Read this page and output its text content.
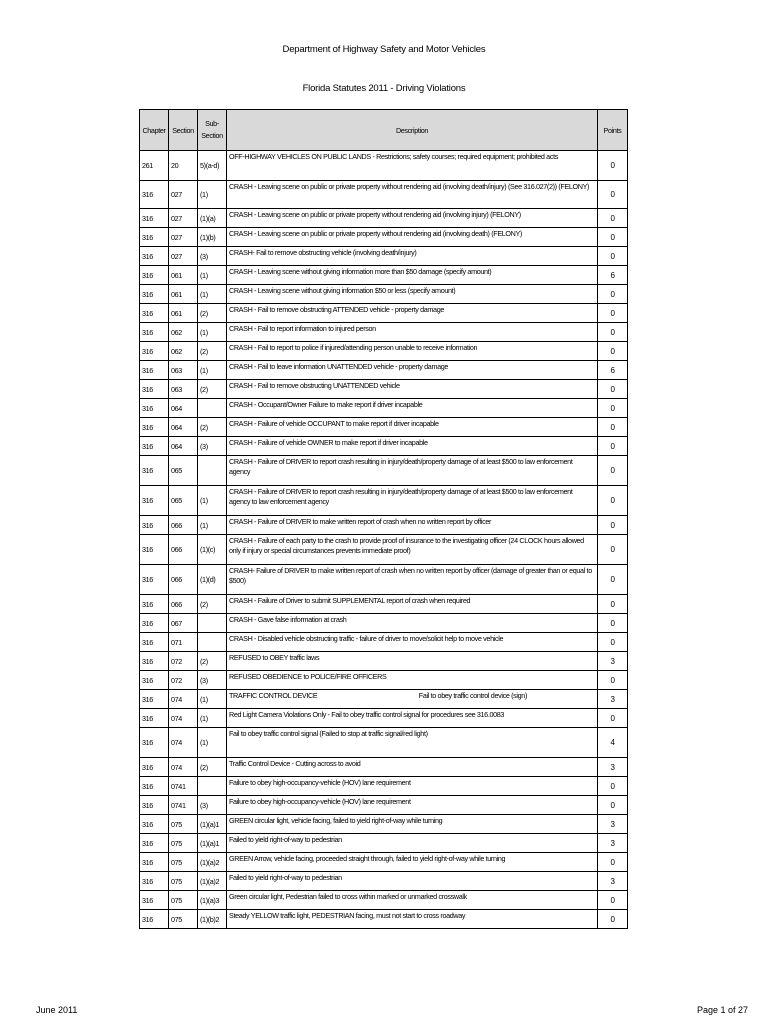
Department of Highway Safety and Motor Vehicles
Florida Statutes 2011 - Driving Violations
Chapter	Section	Sub-Section	Description	Points
261	20	5)(a-d)	OFF-HIGHWAY VEHICLES ON PUBLIC LANDS - Restrictions; safety courses; required equipment; prohibited acts	0
316	027	(1)	CRASH - Leaving scene on public or private property without rendering aid (involving death/injury) (See 316.027(2)) (FELONY)	0
316	027	(1)(a)	CRASH - Leaving scene on public or private property without rendering aid (involving injury) (FELONY)	0
316	027	(1)(b)	CRASH - Leaving scene on public or private property without rendering aid (involving death) (FELONY)	0
316	027	(3)	CRASH- Fail to remove obstructing vehicle (involving death/injury)	0
316	061	(1)	CRASH - Leaving scene without giving information more than $50 damage (specify amount)	6
316	061	(1)	CRASH - Leaving scene without giving information $50 or less (specify amount)	0
316	061	(2)	CRASH - Fail to remove obstructing ATTENDED vehicle - property damage	0
316	062	(1)	CRASH - Fail to report information to injured person	0
316	062	(2)	CRASH - Fail to report to police if injured/attending person unable to receive information	0
316	063	(1)	CRASH - Fail to leave information UNATTENDED vehicle - property damage	6
316	063	(2)	CRASH - Fail to remove obstructing UNATTENDED vehicle	0
316	064		CRASH - Occupant/Owner Failure to make report if driver incapable	0
316	064	(2)	CRASH - Failure of vehicle OCCUPANT to make report if driver incapable	0
316	064	(3)	CRASH - Failure of vehicle OWNER to make report if driver incapable	0
316	065		CRASH - Failure of DRIVER to report crash resulting in injury/death/property damage of at least $500 to law enforcement agency	0
316	065	(1)	CRASH - Failure of DRIVER to report crash resulting in injury/death/property damage of at least $500 to law enforcement agency to law enforcement agency	0
316	066	(1)	CRASH - Failure of DRIVER to make written report of crash when no written report by officer	0
316	066	(1)(c)	CRASH - Failure of each party to the crash to provide proof of insurance to the investigating officer (24 CLOCK hours allowed only if injury or special circumstances prevents immediate proof)	0
316	066	(1)(d)	CRASH- Failure of DRIVER to make written report of crash when no written report by officer (damage of greater than or equal to $500)	0
316	066	(2)	CRASH - Failure of Driver to submit SUPPLEMENTAL report of crash when required	0
316	067		CRASH - Gave false information at crash	0
316	071		CRASH - Disabled vehicle obstructing traffic - failure of driver to move/solicit help to move vehicle	0
316	072	(2)	REFUSED to OBEY traffic laws	3
316	072	(3)	REFUSED OBEDIENCE to POLICE/FIRE OFFICERS	0
316	074	(1)	TRAFFIC CONTROL DEVICE Fail to obey traffic control device (sign)	3
316	074	(1)	Red Light Camera Violations Only - Fail to obey traffic control signal for procedures see 316.0083	0
316	074	(1)	Fail to obey traffic control signal (Failed to stop at traffic signal/red light)	4
316	074	(2)	Traffic Control Device - Cutting across to avoid	3
316	0741		Failure to obey high-occupancy-vehicle (HOV) lane requirement	0
316	0741	(3)	Failure to obey high-occupancy-vehicle (HOV) lane requirement	0
316	075	(1)(a)1	GREEN circular light, vehicle facing, failed to yield right-of-way while turning	3
316	075	(1)(a)1	Failed to yield right-of-way to pedestrian	3
316	075	(1)(a)2	GREEN Arrow, vehicle facing, proceeded straight through, failed to yield right-of-way while turning	0
316	075	(1)(a)2	Failed to yield right-of-way to pedestrian	3
316	075	(1)(a)3	Green circular light, Pedestrian failed to cross within marked or unmarked crosswalk	0
316	075	(1)(b)2	Steady YELLOW traffic light, PEDESTRIAN facing, must not start to cross roadway	0
June 2011	Page 1 of 27
